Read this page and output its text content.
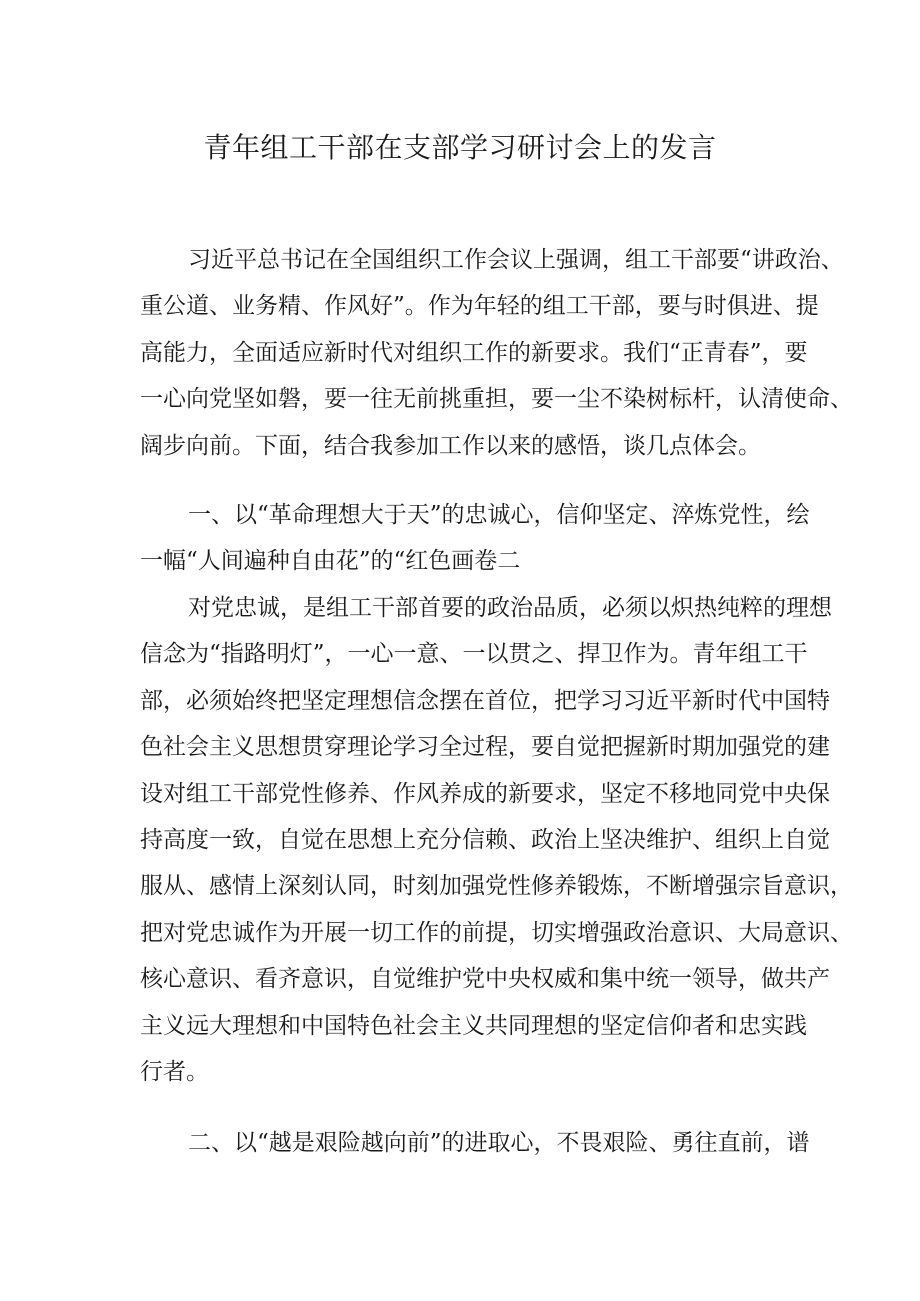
青年组工干部在支部学习研讨会上的发言

习近平总书记在全国组织工作会议上强调，组工干部要“讲政治、
重公道、业务精、作风好”。作为年轻的组工干部，要与时俱进、提
高能力，全面适应新时代对组织工作的新要求。我们“正青春”，要
一心向党坚如磐，要一往无前挑重担，要一尘不染树标杆，认清使命、
阔步向前。下面，结合我参加工作以来的感悟，谈几点体会。

一、以“革命理想大于天”的忠诚心，信仰坚定、淬炼党性，绘
一幅“人间遍种自由花”的“红色画卷二

对党忠诚，是组工干部首要的政治品质，必须以炽热纯粹的理想
信念为“指路明灯”，一心一意、一以贯之、捍卫作为。青年组工干
部，必须始终把坚定理想信念摆在首位，把学习习近平新时代中国特
色社会主义思想贯穿理论学习全过程，要自觉把握新时期加强党的建
设对组工干部党性修养、作风养成的新要求，坚定不移地同党中央保
持高度一致，自觉在思想上充分信赖、政治上坚决维护、组织上自觉
服从、感情上深刻认同，时刻加强党性修养锻炼，不断增强宗旨意识，
把对党忠诚作为开展一切工作的前提，切实增强政治意识、大局意识、
核心意识、看齐意识，自觉维护党中央权威和集中统一领导，做共产
主义远大理想和中国特色社会主义共同理想的坚定信仰者和忠实践
行者。

二、以“越是艰险越向前”的进取心，不畏艰险、勇往直前，谱
